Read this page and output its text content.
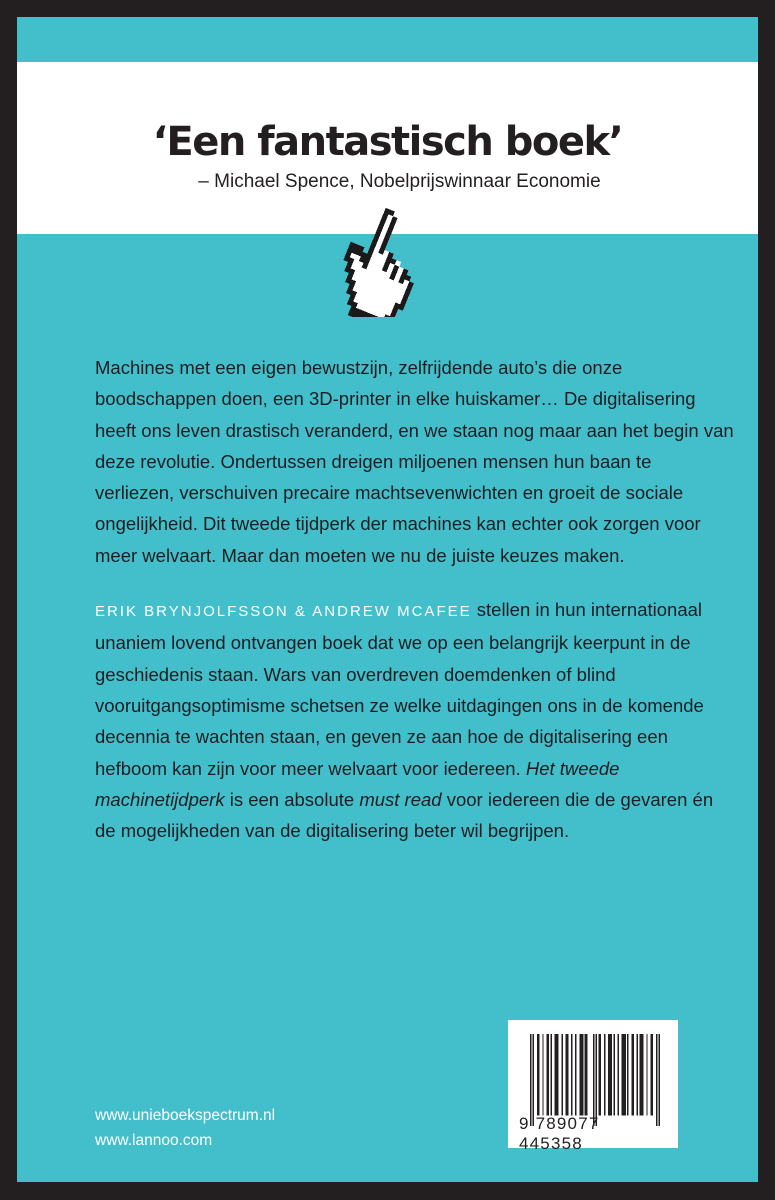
‘Een fantastisch boek’
– Michael Spence, Nobelprijswinnaar Economie

Machines met een eigen bewustzijn, zelfrijdende auto’s die onze boodschappen doen, een 3D-printer in elke huiskamer… De digitalisering heeft ons leven drastisch veranderd, en we staan nog maar aan het begin van deze revolutie. Ondertussen dreigen miljoenen mensen hun baan te verliezen, verschuiven precaire machtsevenwichten en groeit de sociale ongelijkheid. Dit tweede tijdperk der machines kan echter ook zorgen voor meer welvaart. Maar dan moeten we nu de juiste keuzes maken.

ERIK BRYNJOLFSSON & ANDREW MCAFEE stellen in hun internationaal unaniem lovend ontvangen boek dat we op een belangrijk keerpunt in de geschiedenis staan. Wars van overdreven doemdenken of blind vooruitgangsoptimisme schetsen ze welke uitdagingen ons in de komende decennia te wachten staan, en geven ze aan hoe de digitalisering een hefboom kan zijn voor meer welvaart voor iedereen. Het tweede machinetijdperk is een absolute must read voor iedereen die de gevaren én de mogelijkheden van de digitalisering beter wil begrijpen.

www.unieboekspectrum.nl
www.lannoo.com
9 789077 445358
